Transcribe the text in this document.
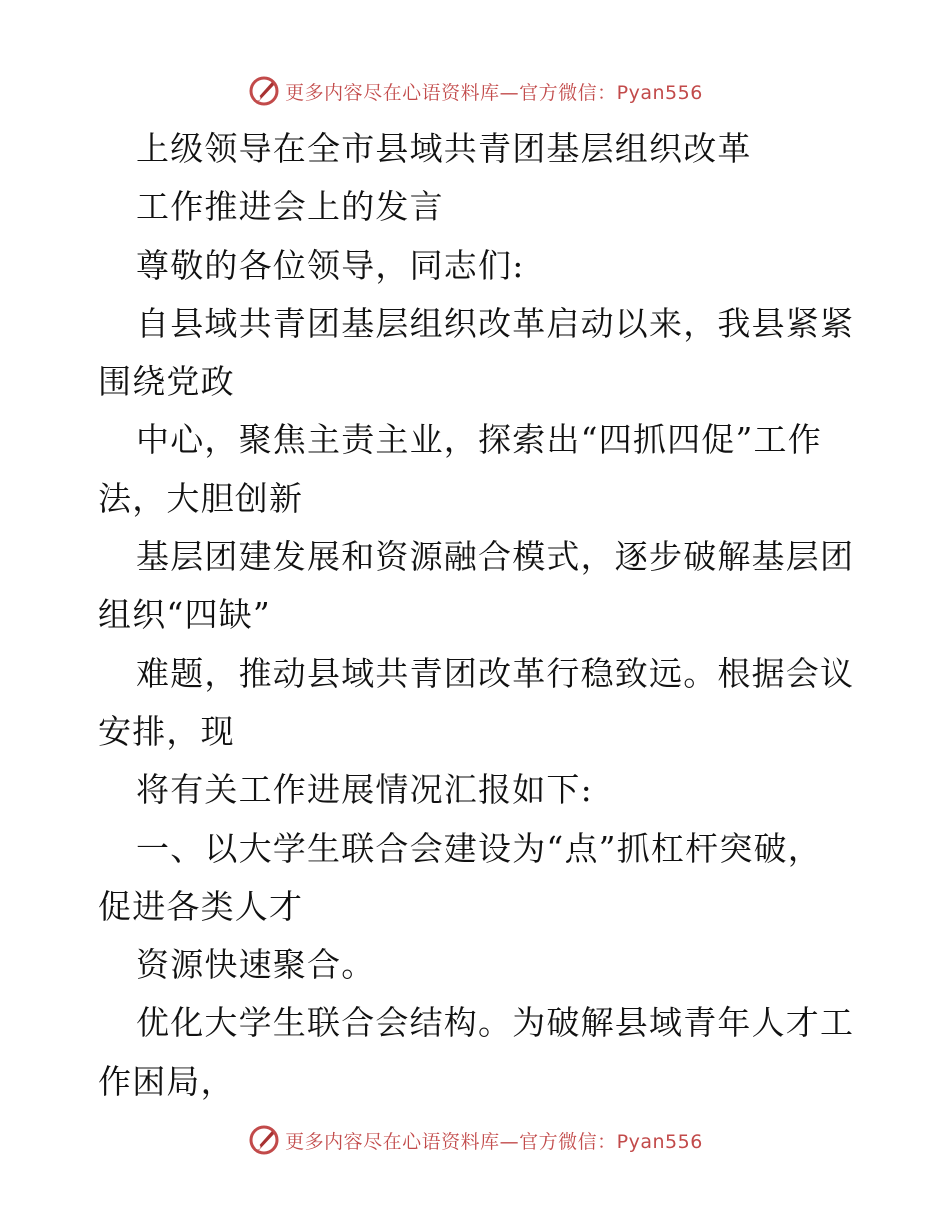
更多内容尽在心语资料库—官方微信：Pyan556
上级领导在全市县域共青团基层组织改革
工作推进会上的发言
尊敬的各位领导，同志们:
自县域共青团基层组织改革启动以来，我县紧紧
围绕党政
中心，聚焦主责主业，探索出“四抓四促”工作
法，大胆创新
基层团建发展和资源融合模式，逐步破解基层团
组织“四缺”
难题，推动县域共青团改革行稳致远。根据会议
安排，现
将有关工作进展情况汇报如下:
一、以大学生联合会建设为“点”抓杠杆突破，
促进各类人才
资源快速聚合。
优化大学生联合会结构。为破解县域青年人才工
作困局，
更多内容尽在心语资料库—官方微信：Pyan556
